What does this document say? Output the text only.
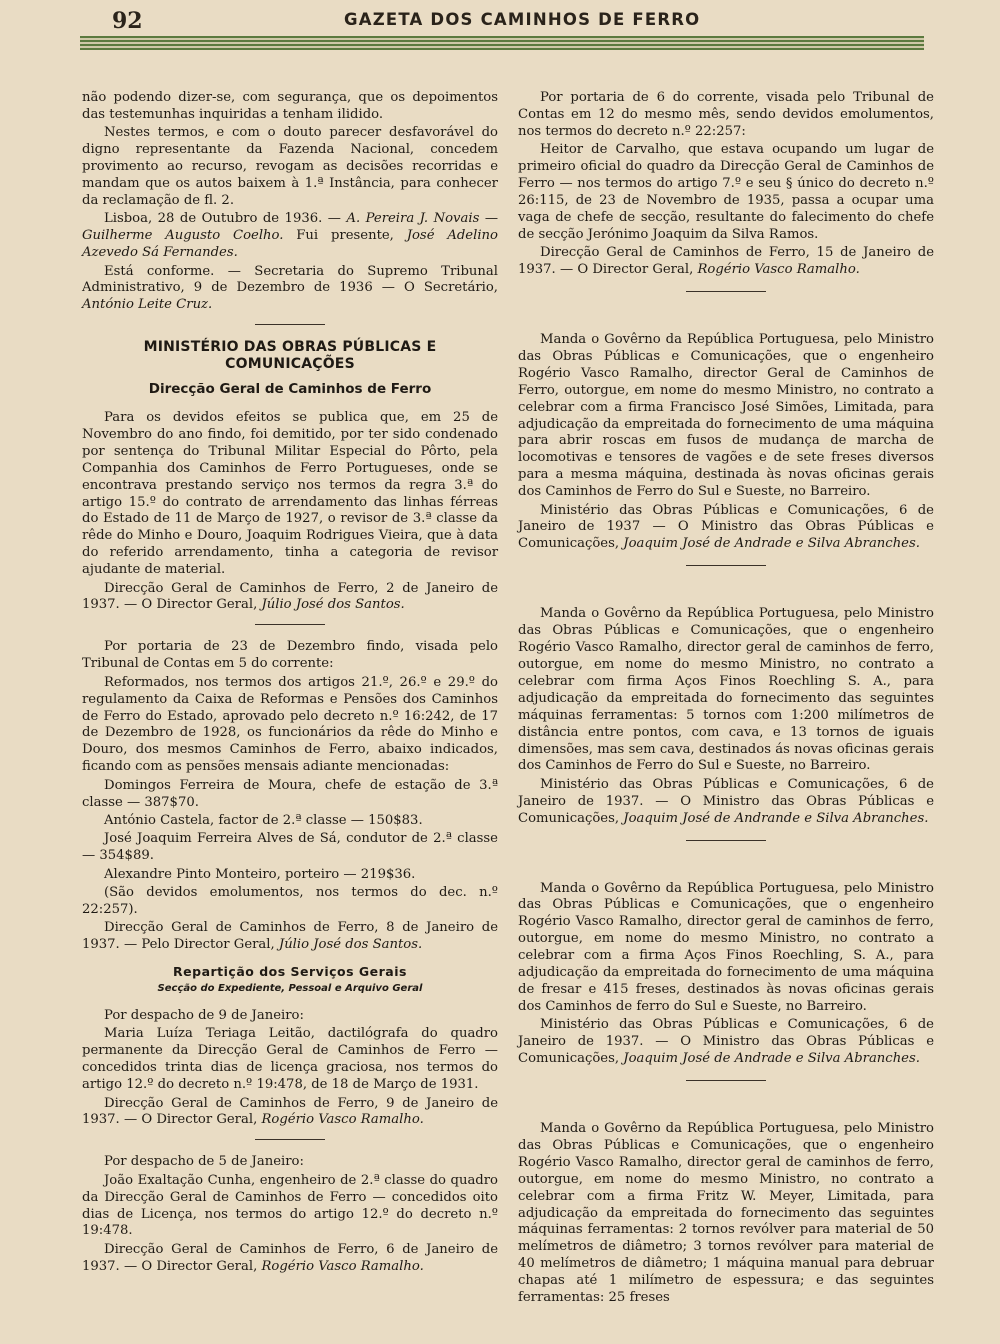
92	GAZETA DOS CAMINHOS DE FERRO

não podendo dizer-se, com segurança, que os depoimentos das testemunhas inquiridas a tenham ilidido.

Nestes termos, e com o douto parecer desfavorável do digno representante da Fazenda Nacional, concedem provimento ao recurso, revogam as decisões recorridas e mandam que os autos baixem à 1.ª Instância, para conhecer da reclamação de fl. 2.

Lisboa, 28 de Outubro de 1936. — A. Pereira J. Novais — Guilherme Augusto Coelho. Fui presente, José Adelino Azevedo Sá Fernandes.

Está conforme. — Secretaria do Supremo Tribunal Administrativo, 9 de Dezembro de 1936 — O Secretário, António Leite Cruz.

MINISTÉRIO DAS OBRAS PÚBLICAS E COMUNICAÇÕES
Direcção Geral de Caminhos de Ferro

Para os devidos efeitos se publica que, em 25 de Novembro do ano findo, foi demitido, por ter sido condenado por sentença do Tribunal Militar Especial do Pôrto, pela Companhia dos Caminhos de Ferro Portugueses, onde se encontrava prestando serviço nos termos da regra 3.ª do artigo 15.º do contrato de arrendamento das linhas férreas do Estado de 11 de Março de 1927, o revisor de 3.ª classe da rêde do Minho e Douro, Joaquim Rodrigues Vieira, que à data do referido arrendamento, tinha a categoria de revisor ajudante de material.

Direcção Geral de Caminhos de Ferro, 2 de Janeiro de 1937. — O Director Geral, Júlio José dos Santos.

Por portaria de 23 de Dezembro findo, visada pelo Tribunal de Contas em 5 do corrente:

Reformados, nos termos dos artigos 21.º, 26.º e 29.º do regulamento da Caixa de Reformas e Pensões dos Caminhos de Ferro do Estado, aprovado pelo decreto n.º 16:242, de 17 de Dezembro de 1928, os funcionários da rêde do Minho e Douro, dos mesmos Caminhos de Ferro, abaixo indicados, ficando com as pensões mensais adiante mencionadas:

Domingos Ferreira de Moura, chefe de estação de 3.ª classe — 387$70.

António Castela, factor de 2.ª classe — 150$83.

José Joaquim Ferreira Alves de Sá, condutor de 2.ª classe — 354$89.

Alexandre Pinto Monteiro, porteiro — 219$36.

(São devidos emolumentos, nos termos do dec. n.º 22:257).

Direcção Geral de Caminhos de Ferro, 8 de Janeiro de 1937. — Pelo Director Geral, Júlio José dos Santos.

Repartição dos Serviços Gerais
Secção do Expediente, Pessoal e Arquivo Geral

Por despacho de 9 de Janeiro:

Maria Luíza Teriaga Leitão, dactilógrafa do quadro permanente da Direcção Geral de Caminhos de Ferro — concedidos trinta dias de licença graciosa, nos termos do artigo 12.º do decreto n.º 19:478, de 18 de Março de 1931.

Direcção Geral de Caminhos de Ferro, 9 de Janeiro de 1937. — O Director Geral, Rogério Vasco Ramalho.

Por despacho de 5 de Janeiro:

João Exaltação Cunha, engenheiro de 2.ª classe do quadro da Direcção Geral de Caminhos de Ferro — concedidos oito dias de Licença, nos termos do artigo 12.º do decreto n.º 19:478.

Direcção Geral de Caminhos de Ferro, 6 de Janeiro de 1937. — O Director Geral, Rogério Vasco Ramalho.

Por portaria de 6 do corrente, visada pelo Tribunal de Contas em 12 do mesmo mês, sendo devidos emolumentos, nos termos do decreto n.º 22:257:

Heitor de Carvalho, que estava ocupando um lugar de primeiro oficial do quadro da Direcção Geral de Caminhos de Ferro — nos termos do artigo 7.º e seu § único do decreto n.º 26:115, de 23 de Novembro de 1935, passa a ocupar uma vaga de chefe de secção, resultante do falecimento do chefe de secção Jerónimo Joaquim da Silva Ramos.

Direcção Geral de Caminhos de Ferro, 15 de Janeiro de 1937. — O Director Geral, Rogério Vasco Ramalho.

Manda o Govêrno da República Portuguesa, pelo Ministro das Obras Públicas e Comunicações, que o engenheiro Rogério Vasco Ramalho, director Geral de Caminhos de Ferro, outorgue, em nome do mesmo Ministro, no contrato a celebrar com a firma Francisco José Simões, Limitada, para adjudicação da empreitada do fornecimento de uma máquina para abrir roscas em fusos de mudança de marcha de locomotivas e tensores de vagões e de sete freses diversos para a mesma máquina, destinada às novas oficinas gerais dos Caminhos de Ferro do Sul e Sueste, no Barreiro.

Ministério das Obras Públicas e Comunicações, 6 de Janeiro de 1937 — O Ministro das Obras Públicas e Comunicações, Joaquim José de Andrade e Silva Abranches.

Manda o Govêrno da República Portuguesa, pelo Ministro das Obras Públicas e Comunicações, que o engenheiro Rogério Vasco Ramalho, director geral de caminhos de ferro, outorgue, em nome do mesmo Ministro, no contrato a celebrar com firma Aços Finos Roechling S. A., para adjudicação da empreitada do fornecimento das seguintes máquinas ferramentas: 5 tornos com 1:200 milímetros de distância entre pontos, com cava, e 13 tornos de iguais dimensões, mas sem cava, destinados ás novas oficinas gerais dos Caminhos de Ferro do Sul e Sueste, no Barreiro.

Ministério das Obras Públicas e Comunicações, 6 de Janeiro de 1937. — O Ministro das Obras Públicas e Comunicações, Joaquim José de Andrande e Silva Abranches.

Manda o Govêrno da República Portuguesa, pelo Ministro das Obras Públicas e Comunicações, que o engenheiro Rogério Vasco Ramalho, director geral de caminhos de ferro, outorgue, em nome do mesmo Ministro, no contrato a celebrar com a firma Aços Finos Roechling, S. A., para adjudicação da empreitada do fornecimento de uma máquina de fresar e 415 freses, destinados às novas oficinas gerais dos Caminhos de ferro do Sul e Sueste, no Barreiro.

Ministério das Obras Públicas e Comunicações, 6 de Janeiro de 1937. — O Ministro das Obras Públicas e Comunicações, Joaquim José de Andrade e Silva Abranches.

Manda o Govêrno da República Portuguesa, pelo Ministro das Obras Públicas e Comunicações, que o engenheiro Rogério Vasco Ramalho, director geral de caminhos de ferro, outorgue, em nome do mesmo Ministro, no contrato a celebrar com a firma Fritz W. Meyer, Limitada, para adjudicação da empreitada do fornecimento das seguintes máquinas ferramentas: 2 tornos revólver para material de 50 melímetros de diâmetro; 3 tornos revólver para material de 40 melímetros de diâmetro; 1 máquina manual para debruar chapas até 1 milímetro de espessura; e das seguintes ferramentas: 25 freses
